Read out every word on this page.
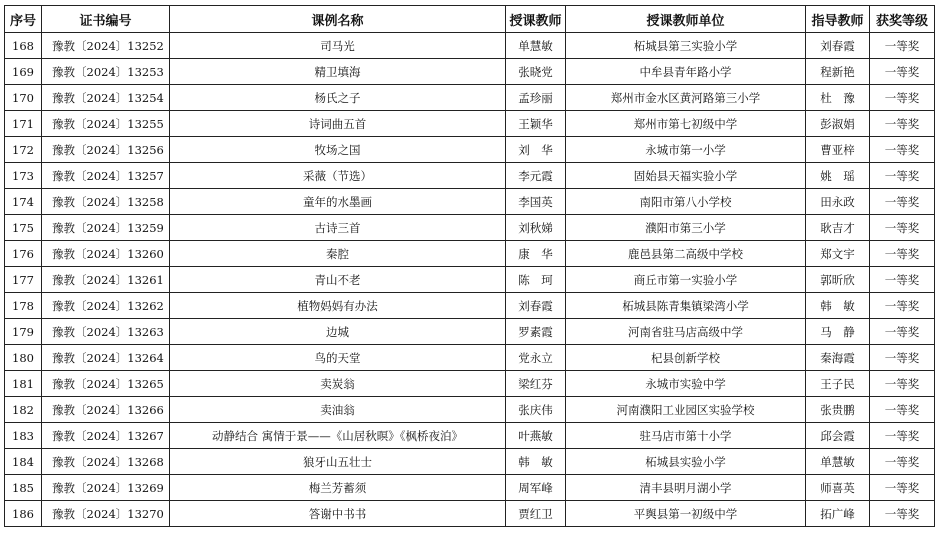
序号	证书编号	课例名称	授课教师	授课教师单位	指导教师	获奖等级
168	豫教〔2024〕13252	司马光	单慧敏	柘城县第三实验小学	刘春霞	一等奖
169	豫教〔2024〕13253	精卫填海	张晓党	中牟县青年路小学	程新艳	一等奖
170	豫教〔2024〕13254	杨氏之子	孟珍丽	郑州市金水区黄河路第三小学	杜　豫	一等奖
171	豫教〔2024〕13255	诗词曲五首	王颖华	郑州市第七初级中学	彭淑娟	一等奖
172	豫教〔2024〕13256	牧场之国	刘　华	永城市第一小学	曹亚梓	一等奖
173	豫教〔2024〕13257	采薇（节选）	李元霞	固始县天福实验小学	姚　瑶	一等奖
174	豫教〔2024〕13258	童年的水墨画	李国英	南阳市第八小学校	田永政	一等奖
175	豫教〔2024〕13259	古诗三首	刘秋娣	濮阳市第三小学	耿吉才	一等奖
176	豫教〔2024〕13260	秦腔	康　华	鹿邑县第二高级中学校	郑文宇	一等奖
177	豫教〔2024〕13261	青山不老	陈　珂	商丘市第一实验小学	郭昕欣	一等奖
178	豫教〔2024〕13262	植物妈妈有办法	刘春霞	柘城县陈青集镇梁湾小学	韩　敏	一等奖
179	豫教〔2024〕13263	边城	罗素霞	河南省驻马店高级中学	马　静	一等奖
180	豫教〔2024〕13264	鸟的天堂	党永立	杞县创新学校	秦海霞	一等奖
181	豫教〔2024〕13265	卖炭翁	梁红芬	永城市实验中学	王子民	一等奖
182	豫教〔2024〕13266	卖油翁	张庆伟	河南濮阳工业园区实验学校	张贵鹏	一等奖
183	豫教〔2024〕13267	动静结合 寓情于景——《山居秋暝》《枫桥夜泊》	叶燕敏	驻马店市第十小学	邱会霞	一等奖
184	豫教〔2024〕13268	狼牙山五壮士	韩　敏	柘城县实验小学	单慧敏	一等奖
185	豫教〔2024〕13269	梅兰芳蓄须	周军峰	清丰县明月湖小学	师喜英	一等奖
186	豫教〔2024〕13270	答谢中书书	贾红卫	平舆县第一初级中学	拓广峰	一等奖
